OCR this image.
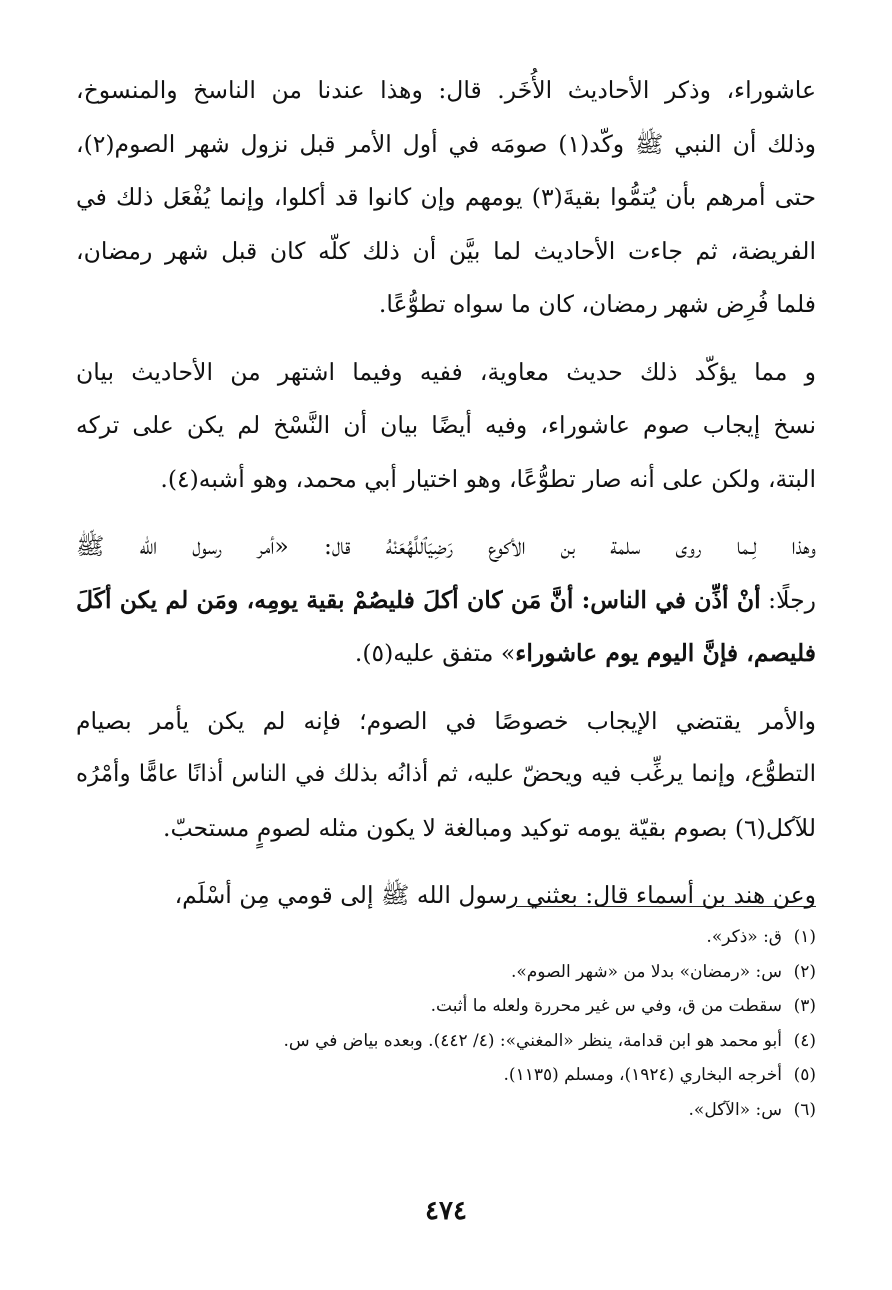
عاشوراء، وذكر الأحاديث الأُخَر. قال: وهذا عندنا من الناسخ والمنسوخ،
وذلك أن النبي ﷺ وكّد(١) صومَه في أول الأمر قبل نزول شهر الصوم(٢)،
حتى أمرهم بأن يُتمُّوا بقيةَ(٣) يومهم وإن كانوا قد أكلوا، وإنما يُفْعَل ذلك في
الفريضة، ثم جاءت الأحاديث لما بيَّن أن ذلك كلّه كان قبل شهر رمضان،
فلما فُرِض شهر رمضان، كان ما سواه تطوُّعًا.

و مما يؤكّد ذلك حديث معاوية، ففيه وفيما اشتهر من الأحاديث بيان
نسخ إيجاب صوم عاشوراء، وفيه أيضًا بيان أن النَّسْخ لم يكن على تركه
البتة، ولكن على أنه صار تطوُّعًا، وهو اختيار أبي محمد، وهو أشبه(٤).

وهذا لِـما روى سلمة بن الأكوع رَضِيَٱللَّهُعَنْهُ قال: «أمر رسول الله ﷺ
رجلًا: أنْ أذِّن في الناس: أنَّ مَن كان أكلَ فليصُمْ بقية يومِه، ومَن لم يكن أكَلَ
فليصم، فإنَّ اليوم يوم عاشوراء» متفق عليه(٥).

والأمر يقتضي الإيجاب خصوصًا في الصوم؛ فإنه لم يكن يأمر بصيام
التطوُّع، وإنما يرغِّب فيه ويحضّ عليه، ثم أذانُه بذلك في الناس أذانًا عامًّا وأمْرُه
للآكل(٦) بصوم بقيّة يومه توكيد ومبالغة لا يكون مثله لصومٍ مستحبّ.

وعن هند بن أسماء قال: بعثني رسول الله ﷺ إلى قومي مِن أسْلَم،

(١)ق: «ذكر».
(٢)س: «رمضان» بدلا من «شهر الصوم».
(٣)سقطت من ق، وفي س غير محررة ولعله ما أثبت.
(٤)أبو محمد هو ابن قدامة، ينظر «المغني»: (٤/ ٤٤٢). وبعده بياض في س.
(٥)أخرجه البخاري (١٩٢٤)، ومسلم (١١٣٥).
(٦)س: «الآكل».
٤٧٤
